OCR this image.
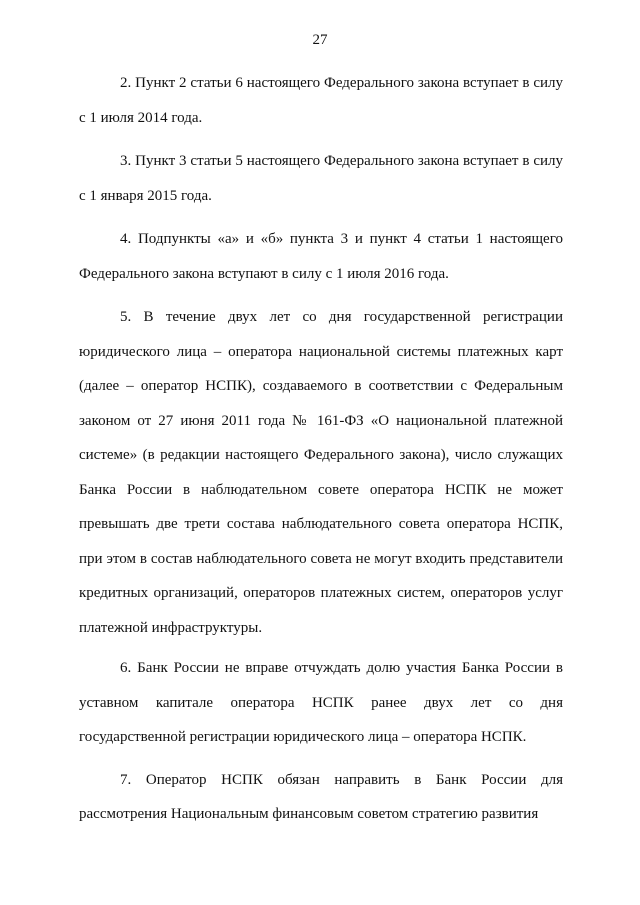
27

2. Пункт 2 статьи 6 настоящего Федерального закона вступает в силу с 1 июля 2014 года.

3. Пункт 3 статьи 5 настоящего Федерального закона вступает в силу с 1 января 2015 года.

4. Подпункты «а» и «б» пункта 3 и пункт 4 статьи 1 настоящего Федерального закона вступают в силу с 1 июля 2016 года.

5. В течение двух лет со дня государственной регистрации юридического лица – оператора национальной системы платежных карт (далее – оператор НСПК), создаваемого в соответствии с Федеральным законом от 27 июня 2011 года № 161-ФЗ «О национальной платежной системе» (в редакции настоящего Федерального закона), число служащих Банка России в наблюдательном совете оператора НСПК не может превышать две трети состава наблюдательного совета оператора НСПК, при этом в состав наблюдательного совета не могут входить представители кредитных организаций, операторов платежных систем, операторов услуг платежной инфраструктуры.

6. Банк России не вправе отчуждать долю участия Банка России в уставном капитале оператора НСПК ранее двух лет со дня государственной регистрации юридического лица – оператора НСПК.

7. Оператор НСПК обязан направить в Банк России для рассмотрения Национальным финансовым советом стратегию развития
